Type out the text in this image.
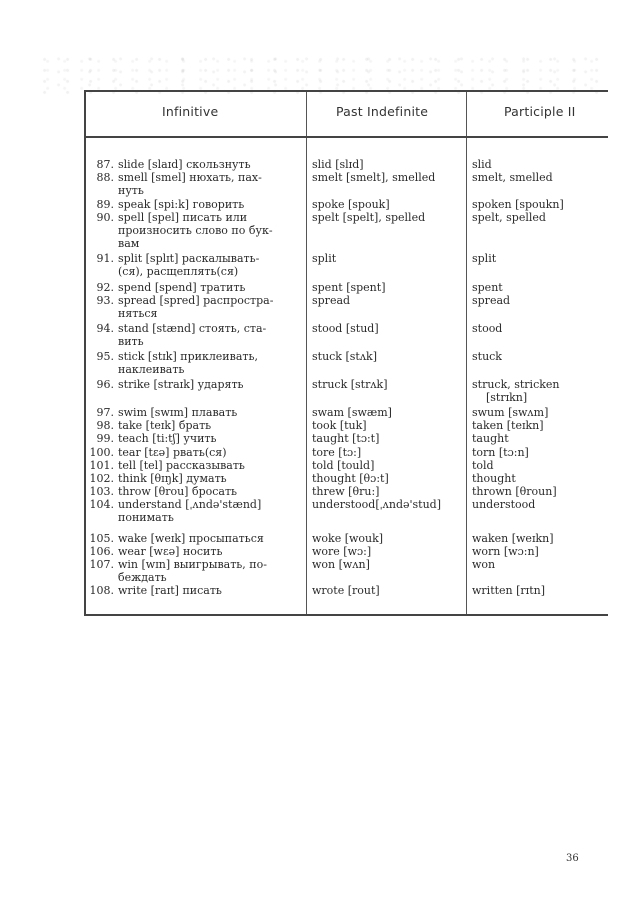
Infinitive	Past Indefinite	Participle II
87. slide [slaɪd] скользнуть	slid [slɪd]	slid
88. smell [smel] нюхать, пах-
нуть
smelt [smelt], smelled	smelt, smelled
89. speak [spi:k] говорить	spoke [spouk]	spoken [spoukn]
90. spell [spel] писать или
произносить слово по бук-
вам
spelt [spelt], spelled	spelt, spelled
91. split [splɪt] раскалывать-
(ся), расщеплять(ся)
split	split
92. spend [spend] тратить	spent [spent]	spent
93. spread [spred] распростра-
няться
spread	spread
94. stand [stænd] стоять, ста-
вить
stood [stud]	stood
95. stick [stɪk] приклеивать,
наклеивать
stuck [stʌk]	stuck
96. strike [straɪk] ударять	struck [strʌk]	struck, stricken
[strɪkn]
97. swim [swɪm] плавать	swam [swæm]	swum [swʌm]
98. take [teɪk] брать	took [tuk]	taken [teɪkn]
99. teach [ti:tʃ] учить	taught [tɔ:t]	taught
100. tear [tɛə] рвать(ся)	tore [tɔ:]	torn [tɔ:n]
101. tell [tel] рассказывать	told [tould]	told
102. think [θɪŋk] думать	thought [θɔ:t]	thought
103. throw [θrou] бросать	threw [θru:]	thrown [θroun]
104. understand [ˌʌndə'stænd]
понимать
understood[ˌʌndə'stud]	understood
105. wake [weɪk] просыпаться	woke [wouk]	waken [weɪkn]
106. wear [wɛə] носить	wore [wɔ:]	worn [wɔ:n]
107. win [wɪn] выигрывать, по-
беждать
won [wʌn]	won
108. write [raɪt] писать	wrote [rout]	written [rɪtn]
36
